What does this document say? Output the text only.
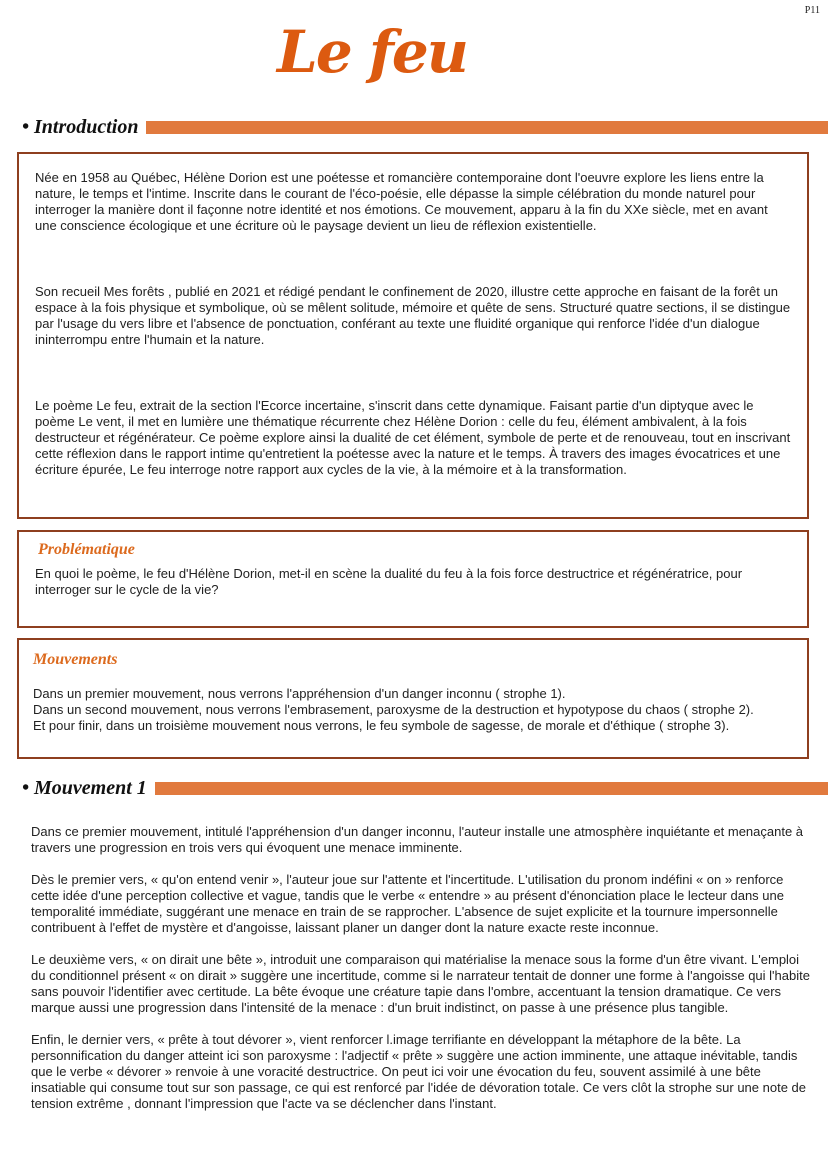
P11
Le feu
• Introduction

Née en 1958 au Québec, Hélène Dorion est une poétesse et romancière contemporaine dont l'oeuvre explore les liens entre la nature, le temps et l'intime. Inscrite dans le courant de l'éco-poésie, elle dépasse la simple célébration du monde naturel pour interroger la manière dont il façonne notre identité et nos émotions. Ce mouvement, apparu à la fin du XXe siècle, met en avant une conscience écologique et une écriture où le paysage devient un lieu de réflexion existentielle.

Son recueil Mes forêts , publié en 2021 et rédigé pendant le confinement de 2020, illustre cette approche en faisant de la forêt un espace à la fois physique et symbolique, où se mêlent solitude, mémoire et quête de sens. Structuré quatre sections, il se distingue par l'usage du vers libre et l'absence de ponctuation, conférant au texte une fluidité organique qui renforce l'idée d'un dialogue ininterrompu entre l'humain et la nature.

Le poème Le feu, extrait de la section l'Ecorce incertaine, s'inscrit dans cette dynamique. Faisant partie d'un diptyque avec le poème Le vent, il met en lumière une thématique récurrente chez Hélène Dorion : celle du feu, élément ambivalent, à la fois destructeur et régénérateur. Ce poème explore ainsi la dualité de cet élément, symbole de perte et de renouveau, tout en inscrivant cette réflexion dans le rapport intime qu'entretient la poétesse avec la nature et le temps. À travers des images évocatrices et une écriture épurée, Le feu interroge notre rapport aux cycles de la vie, à la mémoire et à la transformation.

Problématique

En quoi le poème, le feu d'Hélène Dorion, met-il en scène la dualité du feu à la fois force destructrice et régénératrice, pour interroger sur le cycle de la vie?

Mouvements

Dans un premier mouvement, nous verrons l'appréhension d'un danger inconnu ( strophe 1).

Dans un second mouvement, nous verrons l'embrasement, paroxysme de la destruction et hypotypose du chaos ( strophe 2).

Et pour finir, dans un troisième mouvement nous verrons, le feu symbole de sagesse, de morale et d'éthique ( strophe 3).

• Mouvement 1

Dans ce premier mouvement, intitulé l'appréhension d'un danger inconnu, l'auteur installe une atmosphère inquiétante et menaçante à travers une progression en trois vers qui évoquent une menace imminente.

Dès le premier vers, « qu'on entend venir », l'auteur joue sur l'attente et l'incertitude. L'utilisation du pronom indéfini « on » renforce cette idée d'une perception collective et vague, tandis que le verbe « entendre » au présent d'énonciation place le lecteur dans une temporalité immédiate, suggérant une menace en train de se rapprocher. L'absence de sujet explicite et la tournure impersonnelle contribuent à l'effet de mystère et d'angoisse, laissant planer un danger dont la nature exacte reste inconnue.

Le deuxième vers, « on dirait une bête », introduit une comparaison qui matérialise la menace sous la forme d'un être vivant. L'emploi du conditionnel présent « on dirait » suggère une incertitude, comme si le narrateur tentait de donner une forme à l'angoisse qui l'habite sans pouvoir l'identifier avec certitude. La bête évoque une créature tapie dans l'ombre, accentuant la tension dramatique. Ce vers marque aussi une progression dans l'intensité de la menace : d'un bruit indistinct, on passe à une présence plus tangible.

Enfin, le dernier vers, « prête à tout dévorer », vient renforcer l.image terrifiante en développant la métaphore de la bête. La personnification du danger atteint ici son paroxysme : l'adjectif « prête » suggère une action imminente, une attaque inévitable, tandis que le verbe « dévorer » renvoie à une voracité destructrice. On peut ici voir une évocation du feu, souvent assimilé à une bête insatiable qui consume tout sur son passage, ce qui est renforcé par l'idée de dévoration totale. Ce vers clôt la strophe sur une note de tension extrême , donnant l'impression que l'acte va se déclencher dans l'instant.
